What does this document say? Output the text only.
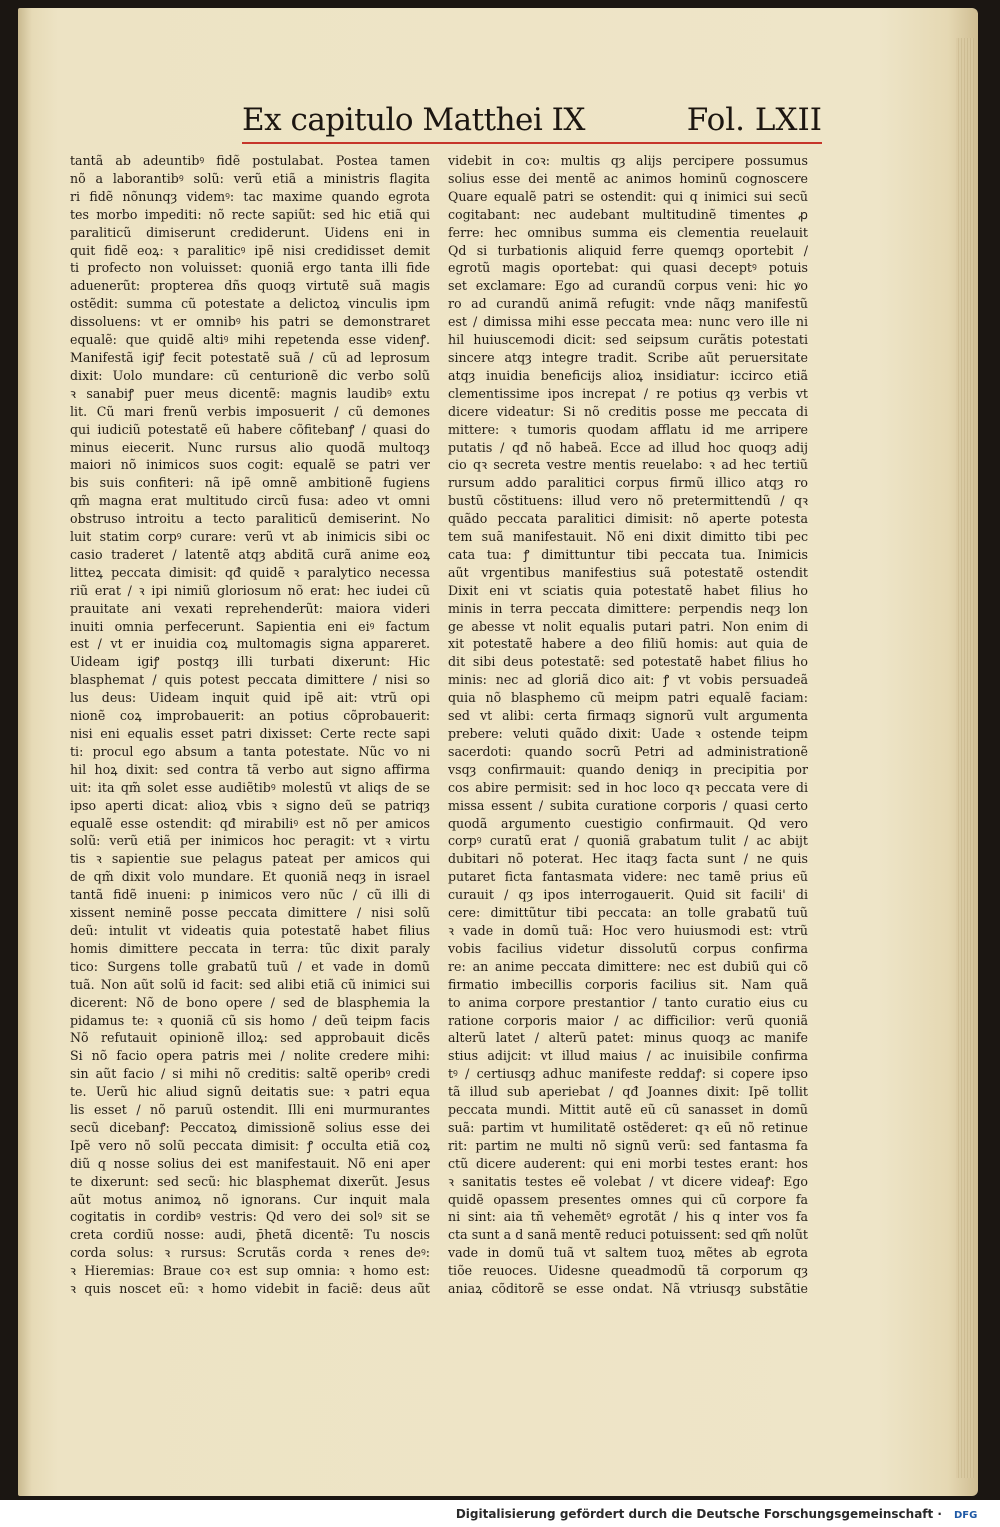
Ex capitulo Matthei IX	Fol. LXII
tantã ab adeuntibꝰ fidẽ postulabat. Postea tamen
nõ a laborantibꝰ solũ: verũ etiã a ministris flagita
ri fidẽ nõnunqȝ videmꝰ: tac maxime quando egrota
tes morbo impediti: nõ recte sapiũt: sed hic etiã qui
paraliticũ dimiserunt crediderunt. Uidens eni in
quit fidẽ eoꝝ: ꝛ paraliticꝰ ipẽ nisi credidisset demit
ti profecto non voluisset: quoniã ergo tanta illi fide
aduenerũt: propterea dñs quoqȝ virtutẽ suã magis
ostẽdit: summa cũ potestate a delictoꝝ vinculis ipm
dissoluens: vt er omnibꝰ his patri se demonstraret
equalẽ: que quidẽ altiꝰ mihi repetenda esse videnꝭ.
Manifestã igiꝭ fecit potestatẽ suã / cũ ad leprosum
dixit: Uolo mundare: cũ centurionẽ dic verbo solũ
ꝛ sanabiꝭ puer meus dicentẽ: magnis laudibꝰ extu
lit. Cũ mari frenũ verbis imposuerit / cũ demones
qui iudiciũ potestatẽ eũ habere cõfitebanꝭ / quasi do
minus eiecerit. Nunc rursus alio quodã multoqȝ
maiori nõ inimicos suos cogit: equalẽ se patri ver
bis suis confiteri: nã ipẽ omnẽ ambitionẽ fugiens
qm̃ magna erat multitudo circũ fusa: adeo vt omni
obstruso introitu a tecto paraliticũ demiserint. No
luit statim corpꝰ curare: verũ vt ab inimicis sibi oc
casio traderet / latentẽ atqȝ abditã curã anime eoꝝ
litteꝝ peccata dimisit: qđ quidẽ ꝛ paralytico necessa
riũ erat / ꝛ ipi nimiũ gloriosum nõ erat: hec iudei cũ
prauitate ani vexati reprehenderũt: maiora videri
inuiti omnia perfecerunt. Sapientia eni eiꝰ factum
est / vt er inuidia coꝝ multomagis signa appareret.
Uideam igiꝭ postqȝ illi turbati dixerunt: Hic
blasphemat / quis potest peccata dimittere / nisi so
lus deus: Uideam inquit quid ipẽ ait: vtrũ opi
nionẽ coꝝ improbauerit: an potius cõprobauerit:
nisi eni equalis esset patri dixisset: Certe recte sapi
ti: procul ego absum a tanta potestate. Nũc vo ni
hil hoꝝ dixit: sed contra tã verbo aut signo affirma
uit: ita qm̃ solet esse audiẽtibꝰ molestũ vt aliqs de se
ipso aperti dicat: alioꝝ vbis ꝛ signo deũ se patriqȝ
equalẽ esse ostendit: qđ mirabiliꝰ est nõ per amicos
solũ: verũ etiã per inimicos hoc peragit: vt ꝛ virtu
tis ꝛ sapientie sue pelagus pateat per amicos qui
de qm̃ dixit volo mundare. Et quoniã neqȝ in israel
tantã fidẽ inueni: p inimicos vero nũc / cũ illi di
xissent neminẽ posse peccata dimittere / nisi solũ
deũ: intulit vt videatis quia potestatẽ habet filius
homis dimittere peccata in terra: tũc dixit paraly
tico: Surgens tolle grabatũ tuũ / et vade in domũ
tuã. Non aũt solũ id facit: sed alibi etiã cũ inimici sui
dicerent: Nõ de bono opere / sed de blasphemia la
pidamus te: ꝛ quoniã cũ sis homo / deũ teipm facis
Nõ refutauit opinionẽ illoꝝ: sed approbauit dicẽs
Si nõ facio opera patris mei / nolite credere mihi:
sin aũt facio / si mihi nõ creditis: saltẽ operibꝰ credi
te. Uerũ hic aliud signũ deitatis sue: ꝛ patri equa
lis esset / nõ paruũ ostendit. Illi eni murmurantes
secũ dicebanꝭ: Peccatoꝝ dimissionẽ solius esse dei
Ipẽ vero nõ solũ peccata dimisit: ꝭ occulta etiã coꝝ
diũ q nosse solius dei est manifestauit. Nõ eni aper
te dixerunt: sed secũ: hic blasphemat dixerũt. Jesus
aũt motus animoꝝ nõ ignorans. Cur inquit mala
cogitatis in cordibꝰ vestris: Qd vero dei solꝰ sit se
creta cordiũ nosse: audi, p̄hetã dicentẽ: Tu noscis
corda solus: ꝛ rursus: Scrutãs corda ꝛ renes deꝰ:
ꝛ Hieremias: Braue coꝛ est sup omnia: ꝛ homo est:
ꝛ quis noscet eũ: ꝛ homo videbit in faciẽ: deus aũt
videbit in coꝛ: multis qȝ alijs percipere possumus
solius esse dei mentẽ ac animos hominũ cognoscere
Quare equalẽ patri se ostendit: qui q inimici sui secũ
cogitabant: nec audebant multitudinẽ timentes ꝓ
ferre: hec omnibus summa eis clementia reuelauit
Qd si turbationis aliquid ferre quemqȝ oportebit /
egrotũ magis oportebat: qui quasi deceptꝰ potuis
set exclamare: Ego ad curandũ corpus veni: hic ꝟo
ro ad curandũ animã refugit: vnde nãqȝ manifestũ
est / dimissa mihi esse peccata mea: nunc vero ille ni
hil huiuscemodi dicit: sed seipsum curãtis potestati
sincere atqȝ integre tradit. Scribe aũt peruersitate
atqȝ inuidia beneficijs alioꝝ insidiatur: iccirco etiã
clementissime ipos increpat / re potius qȝ verbis vt
dicere videatur: Si nõ creditis posse me peccata di
mittere: ꝛ tumoris quodam afflatu id me arripere
putatis / qđ nõ habeã. Ecce ad illud hoc quoqȝ adij
cio qꝛ secreta vestre mentis reuelabo: ꝛ ad hec tertiũ
rursum addo paralitici corpus firmũ illico atqȝ ro
bustũ cõstituens: illud vero nõ pretermittendũ / qꝛ
quãdo peccata paralitici dimisit: nõ aperte potesta
tem suã manifestauit. Nõ eni dixit dimitto tibi pec
cata tua: ꝭ dimittuntur tibi peccata tua. Inimicis
aũt vrgentibus manifestius suã potestatẽ ostendit
Dixit eni vt sciatis quia potestatẽ habet filius ho
minis in terra peccata dimittere: perpendis neqȝ lon
ge abesse vt nolit equalis putari patri. Non enim di
xit potestatẽ habere a deo filiũ homis: aut quia de
dit sibi deus potestatẽ: sed potestatẽ habet filius ho
minis: nec ad gloriã dico ait: ꝭ vt vobis persuadeã
quia nõ blasphemo cũ meipm patri equalẽ faciam:
sed vt alibi: certa firmaqȝ signorũ vult argumenta
prebere: veluti quãdo dixit: Uade ꝛ ostende teipm
sacerdoti: quando socrũ Petri ad administrationẽ
vsqȝ confirmauit: quando deniqȝ in precipitia por
cos abire permisit: sed in hoc loco qꝛ peccata vere di
missa essent / subita curatione corporis / quasi certo
quodã argumento cuestigio confirmauit. Qd vero
corpꝰ curatũ erat / quoniã grabatum tulit / ac abijt
dubitari nõ poterat. Hec itaqȝ facta sunt / ne quis
putaret ficta fantasmata videre: nec tamẽ prius eũ
curauit / qȝ ipos interrogauerit. Quid sit facili' di
cere: dimittũtur tibi peccata: an tolle grabatũ tuũ
ꝛ vade in domũ tuã: Hoc vero huiusmodi est: vtrũ
vobis facilius videtur dissolutũ corpus confirma
re: an anime peccata dimittere: nec est dubiũ qui cõ
firmatio imbecillis corporis facilius sit. Nam quã
to anima corpore prestantior / tanto curatio eius cu
ratione corporis maior / ac difficilior: verũ quoniã
alterũ latet / alterũ patet: minus quoqȝ ac manife
stius adijcit: vt illud maius / ac inuisibile confirma
tꝰ / certiusqȝ adhuc manifeste reddaꝭ: si copere ipso
tã illud sub aperiebat / qđ Joannes dixit: Ipẽ tollit
peccata mundi. Mittit autẽ eũ cũ sanasset in domũ
suã: partim vt humilitatẽ ostẽderet: qꝛ eũ nõ retinue
rit: partim ne multi nõ signũ verũ: sed fantasma fa
ctũ dicere auderent: qui eni morbi testes erant: hos
ꝛ sanitatis testes eẽ volebat / vt dicere videaꝭ: Ego
quidẽ opassem presentes omnes qui cũ corpore fa
ni sint: aia tñ vehemẽtꝰ egrotãt / his q inter vos fa
cta sunt a d sanã mentẽ reduci potuissent: sed qm̃ nolũt
vade in domũ tuã vt saltem tuoꝝ mẽtes ab egrota
tiõe reuoces. Uidesne queadmodũ tã corporum qȝ
aniaꝝ cõditorẽ se esse ondat. Nã vtriusqȝ substãtie
Digitalisierung gefördert durch die Deutsche Forschungsgemeinschaft · DFG
